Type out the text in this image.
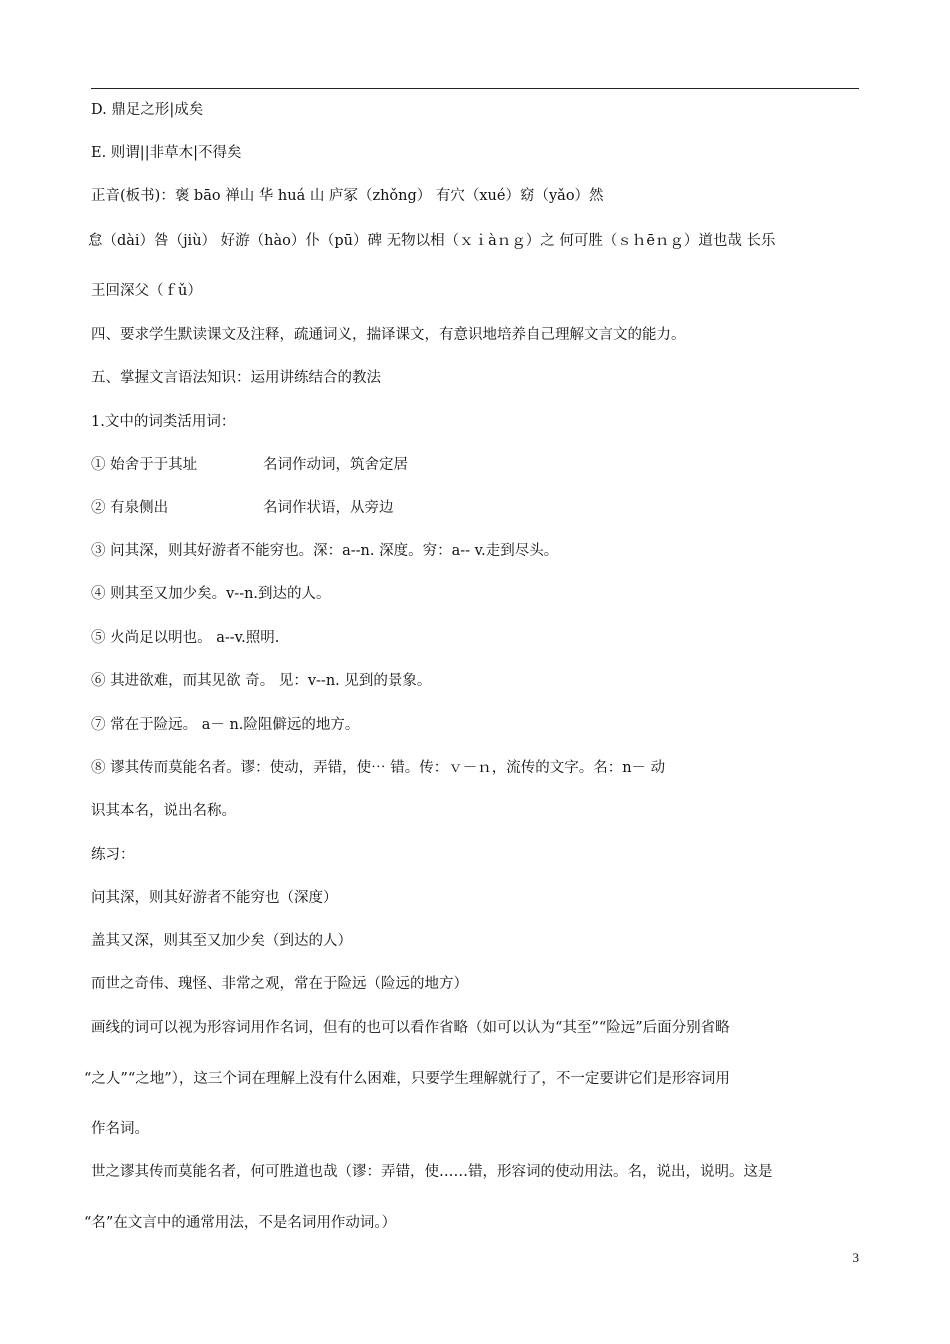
D. 鼎足之形|成矣
E. 则谓||非草木|不得矣
正音(板书)：褒 bāo 禅山 华 huá 山 庐冢（zhǒng） 有穴（xué）窈（yǎo）然
怠（dài）咎（jiù） 好游（hào）仆（pū）碑 无物以相（ｘｉàｎｇ）之 何可胜（ｓｈēｎｇ）道也哉 长乐
王回深父（ｆǔ）
四、要求学生默读课文及注释，疏通词义，揣译课文，有意识地培养自己理解文言文的能力。
五、掌握文言语法知识：运用讲练结合的教法
1.文中的词类活用词：
① 始舍于于其址	名词作动词，筑舍定居
② 有泉侧出	名词作状语，从旁边
③ 问其深，则其好游者不能穷也。深：a--n. 深度。穷：a-- v.走到尽头。
④ 则其至又加少矣。v--n.到达的人。
⑤ 火尚足以明也。 a--v.照明.
⑥ 其进欲难，而其见欲 奇。 见：v--n. 见到的景象。
⑦ 常在于险远。 a－ n.险阻僻远的地方。
⑧ 谬其传而莫能名者。谬：使动，弄错，使⋯ 错。传：ｖ－ｎ，流传的文字。名：n－ 动
识其本名，说出名称。
练习：
问其深，则其好游者不能穷也（深度）
盖其又深，则其至又加少矣（到达的人）
而世之奇伟、瑰怪、非常之观，常在于险远（险远的地方）
画线的词可以视为形容词用作名词，但有的也可以看作省略（如可以认为“其至”“险远”后面分别省略
“之人”“之地”），这三个词在理解上没有什么困难，只要学生理解就行了，不一定要讲它们是形容词用
作名词。
世之谬其传而莫能名者，何可胜道也哉（谬：弄错，使……错，形容词的使动用法。名，说出，说明。这是
“名”在文言中的通常用法，不是名词用作动词。）
3
